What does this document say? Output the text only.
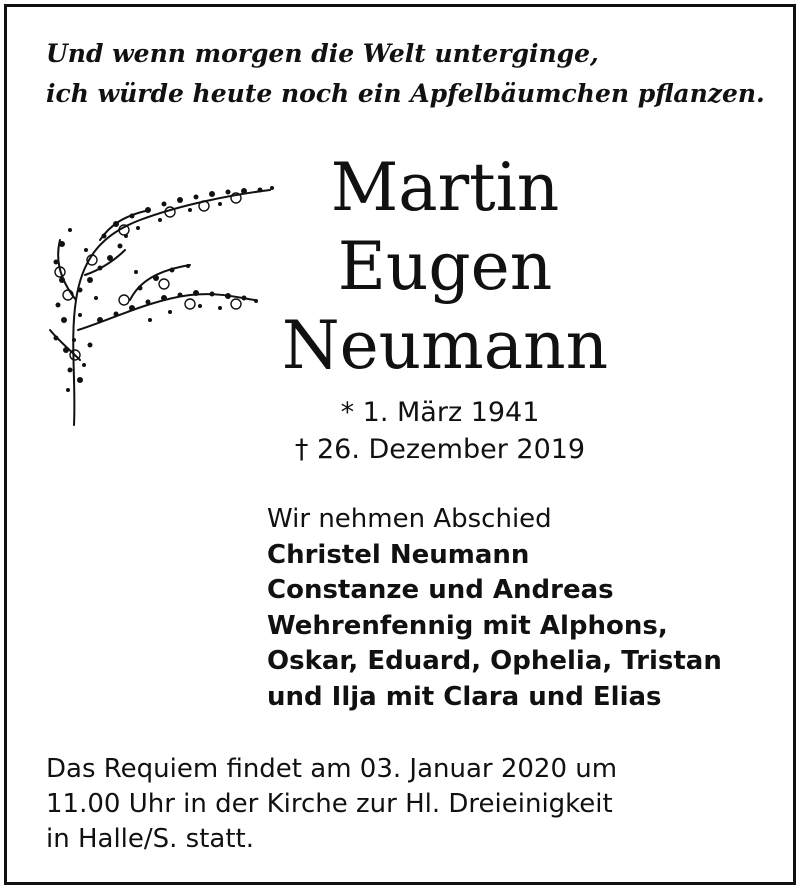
Und wenn morgen die Welt unterginge,
ich würde heute noch ein Apfelbäumchen pflanzen.
Martin
Eugen
Neumann
* 1. März 1941
† 26. Dezember 2019
Wir nehmen Abschied
Christel Neumann
Constanze und Andreas
Wehrenfennig mit Alphons,
Oskar, Eduard, Ophelia, Tristan
und Ilja mit Clara und Elias
Das Requiem findet am 03. Januar 2020 um
11.00 Uhr in der Kirche zur Hl. Dreieinigkeit
in Halle/S. statt.
